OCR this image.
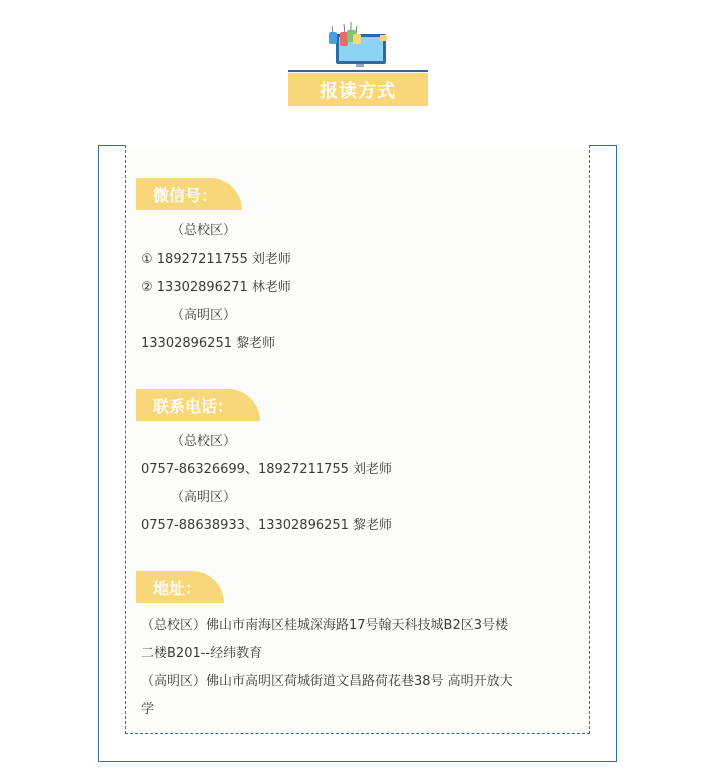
报读方式
微信号：
（总校区）
① 18927211755 刘老师
② 13302896271 林老师
（高明区）
13302896251 黎老师
联系电话：
（总校区）
0757-86326699、18927211755 刘老师
（高明区）
0757-88638933、13302896251 黎老师
地址：
（总校区）佛山市南海区桂城深海路17号翰天科技城B2区3号楼
二楼B201--经纬教育
（高明区）佛山市高明区荷城街道文昌路荷花巷38号 高明开放大
学
